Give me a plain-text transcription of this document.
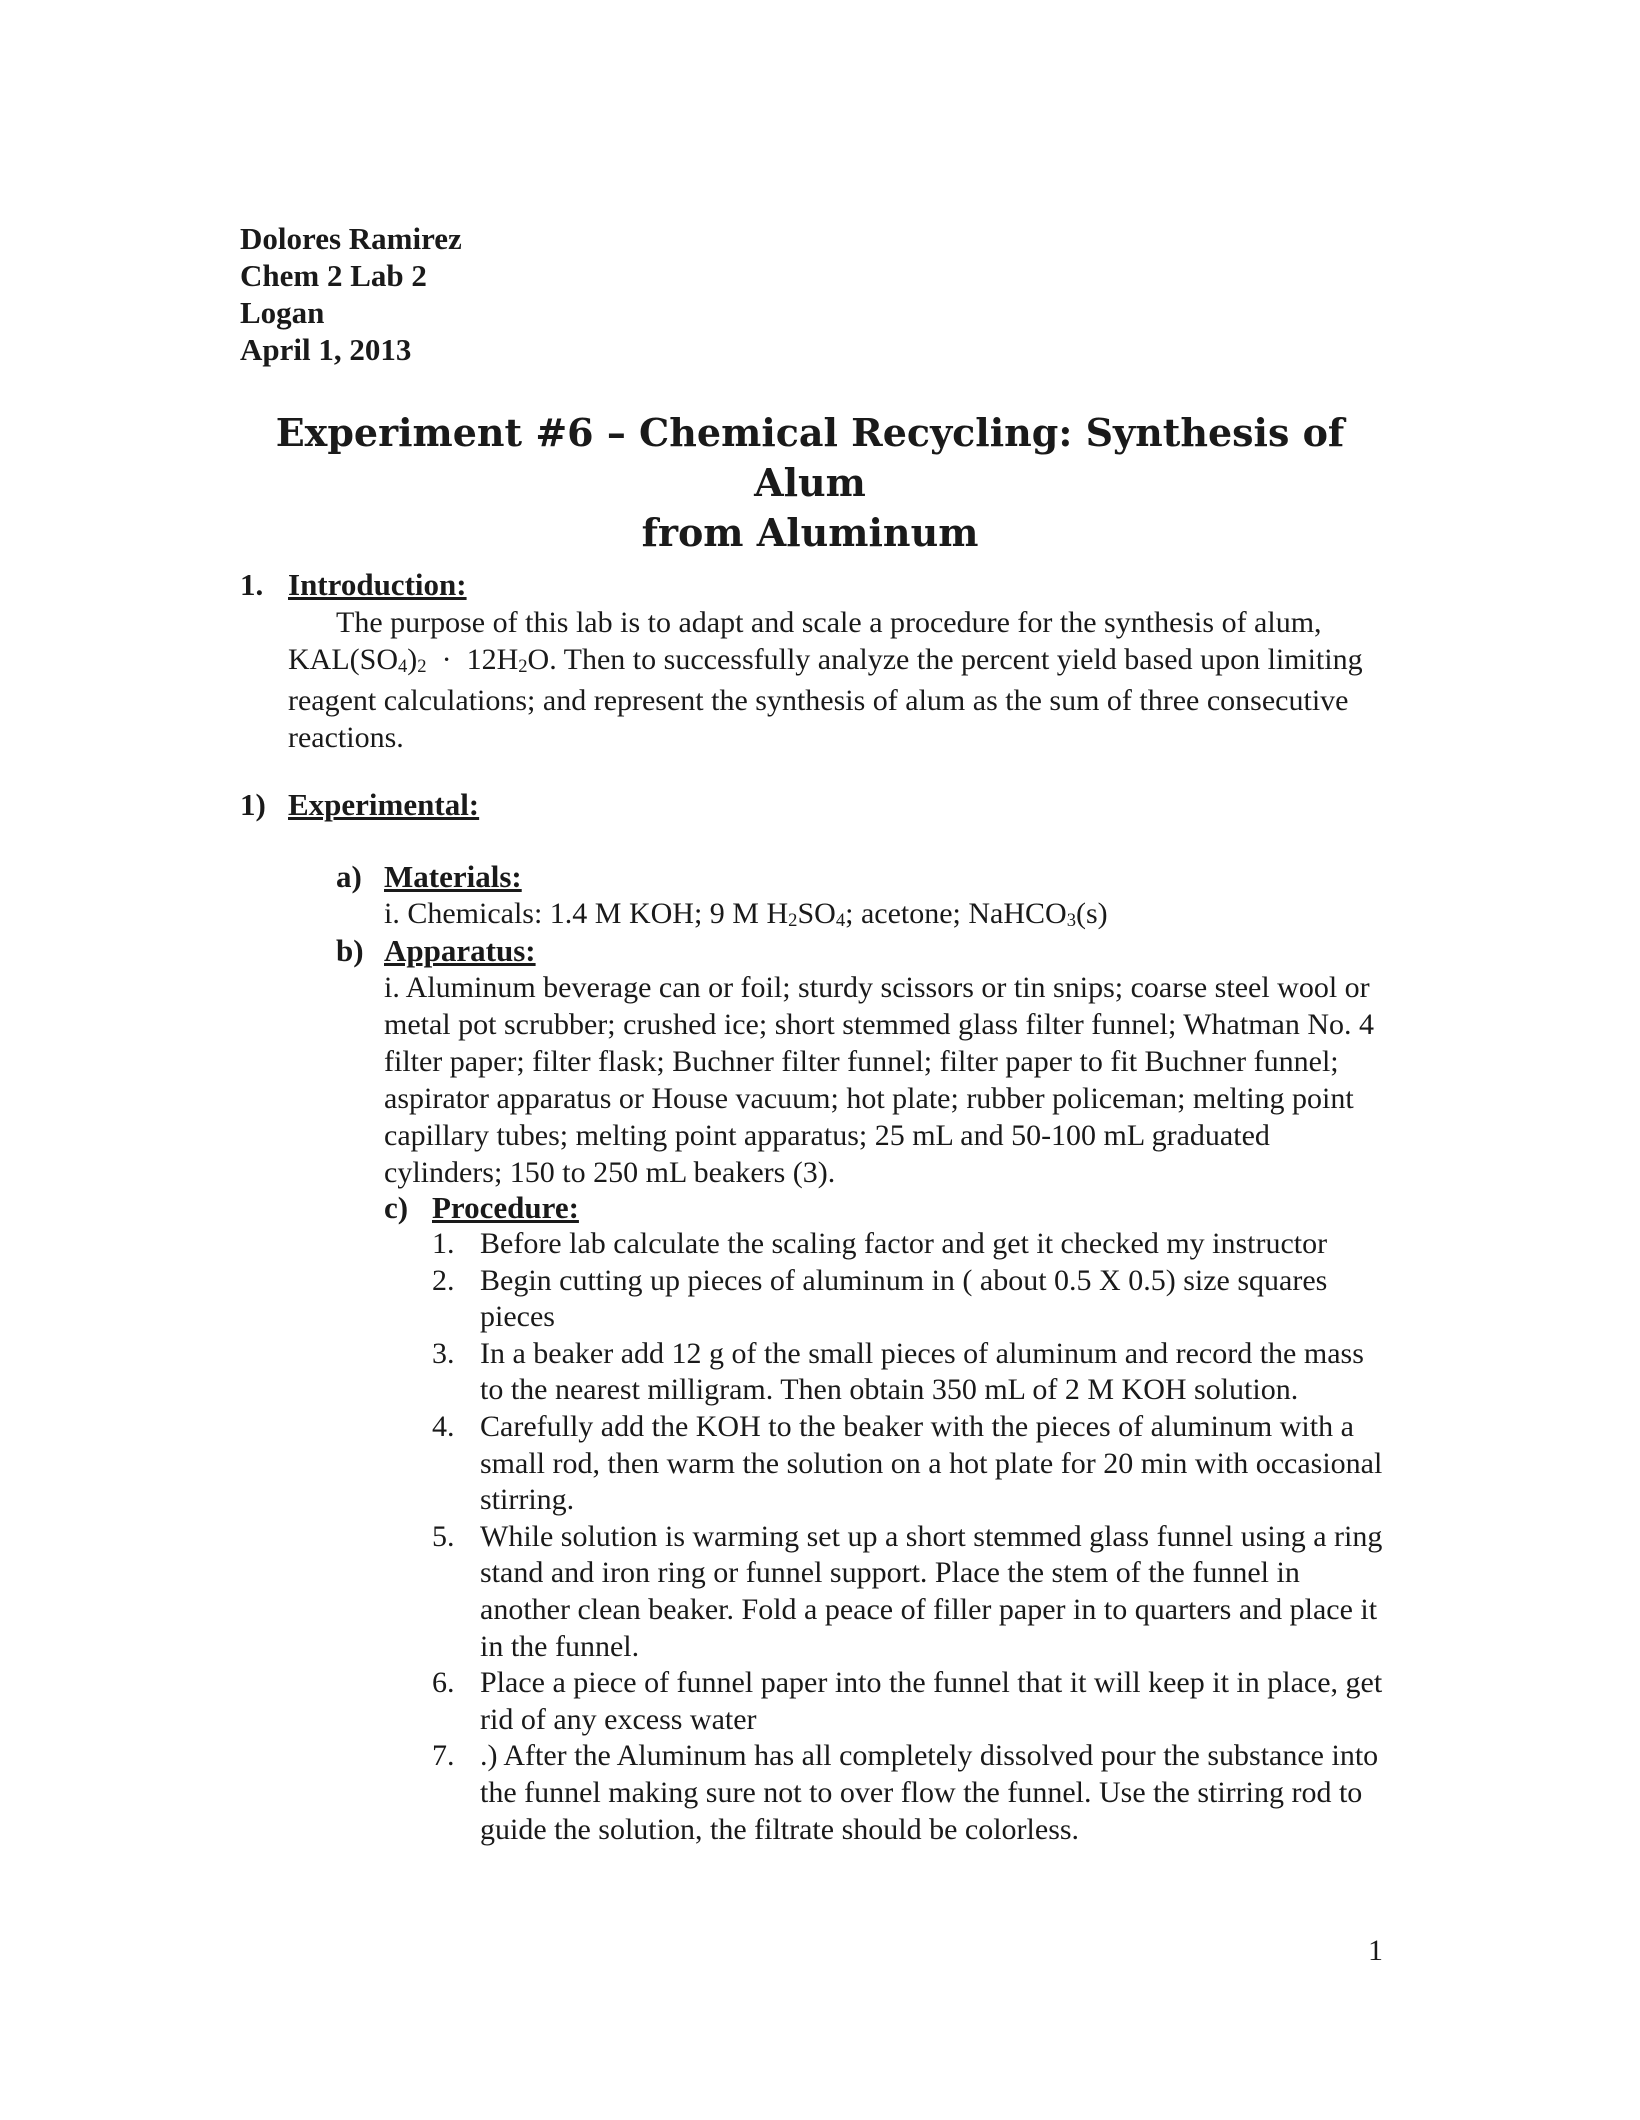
Dolores Ramirez
Chem 2 Lab 2
Logan
April 1, 2013
Experiment #6 – Chemical Recycling: Synthesis of Alum
from Aluminum
1. Introduction:
The purpose of this lab is to adapt and scale a procedure for the synthesis of alum, $KAL(SO_4)_2 \cdot 12H_2O$. Then to successfully analyze the percent yield based upon limiting reagent calculations; and represent the synthesis of alum as the sum of three consecutive reactions.
1) Experimental:
a) Materials:
i. Chemicals: 1.4 M KOH; 9 M $H_2SO_4$; acetone; NaHCO$_3$(s)
b) Apparatus:
i. Aluminum beverage can or foil; sturdy scissors or tin snips; coarse steel wool or metal pot scrubber; crushed ice; short stemmed glass filter funnel; Whatman No. 4 filter paper; filter flask; Buchner filter funnel; filter paper to fit Buchner funnel; aspirator apparatus or House vacuum; hot plate; rubber policeman; melting point capillary tubes; melting point apparatus; 25 mL and 50-100 mL graduated cylinders; 150 to 250 mL beakers (3).
c) Procedure:
1. Before lab calculate the scaling factor and get it checked my instructor
2. Begin cutting up pieces of aluminum in ( about 0.5 X 0.5) size squares pieces
3. In a beaker add 12 g of the small pieces of aluminum and record the mass to the nearest milligram. Then obtain 350 mL of 2 M KOH solution.
4. Carefully add the KOH to the beaker with the pieces of aluminum with a small rod, then warm the solution on a hot plate for 20 min with occasional stirring.
5. While solution is warming set up a short stemmed glass funnel using a ring stand and iron ring or funnel support. Place the stem of the funnel in another clean beaker. Fold a peace of filler paper in to quarters and place it in the funnel.
6. Place a piece of funnel paper into the funnel that it will keep it in place, get rid of any excess water
7. .) After the Aluminum has all completely dissolved pour the substance into the funnel making sure not to over flow the funnel. Use the stirring rod to guide the solution, the filtrate should be colorless.
1
